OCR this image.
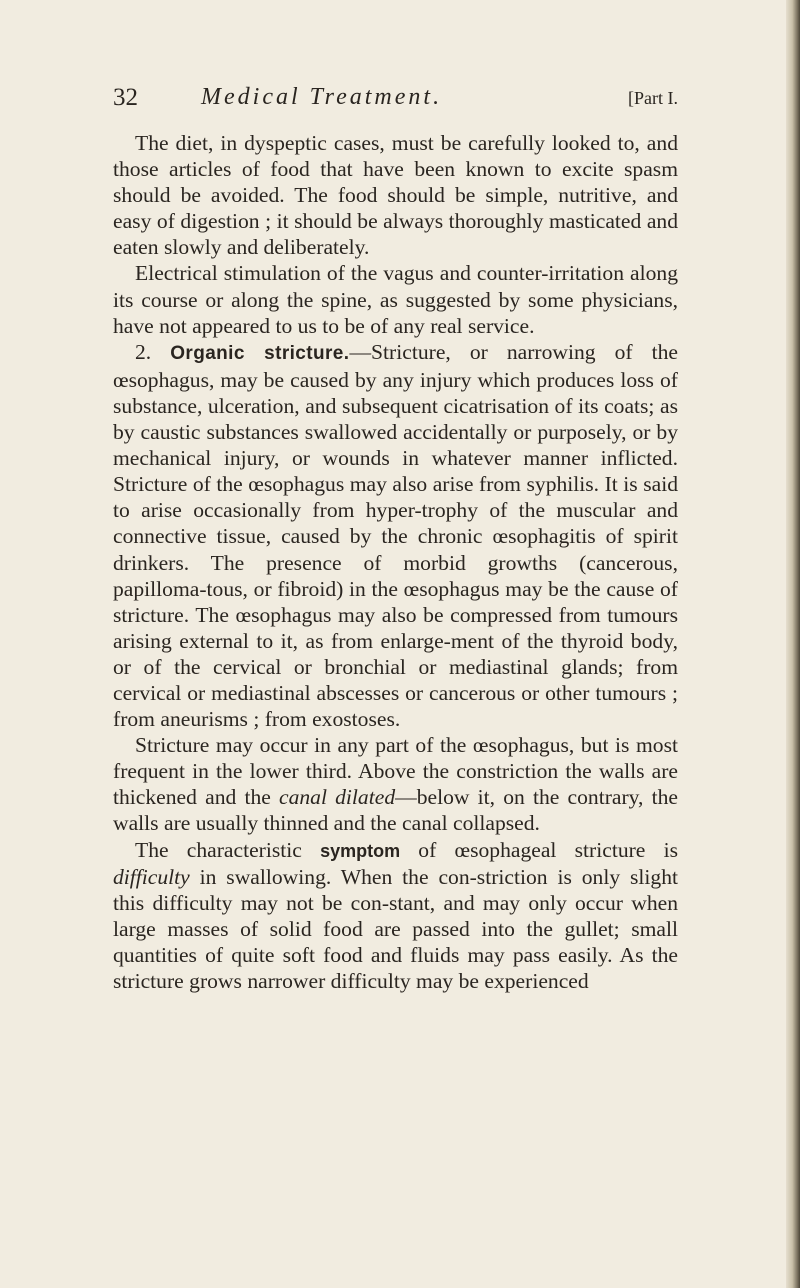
32	Medical Treatment.	[Part I.

The diet, in dyspeptic cases, must be carefully looked to, and those articles of food that have been known to excite spasm should be avoided. The food should be simple, nutritive, and easy of digestion ; it should be always thoroughly masticated and eaten slowly and deliberately.

Electrical stimulation of the vagus and counter-irritation along its course or along the spine, as suggested by some physicians, have not appeared to us to be of any real service.

2. Organic stricture.—Stricture, or narrowing of the œsophagus, may be caused by any injury which produces loss of substance, ulceration, and subsequent cicatrisation of its coats; as by caustic substances swallowed accidentally or purposely, or by mechanical injury, or wounds in whatever manner inflicted. Stricture of the œsophagus may also arise from syphilis. It is said to arise occasionally from hyper-trophy of the muscular and connective tissue, caused by the chronic œsophagitis of spirit drinkers. The presence of morbid growths (cancerous, papilloma-tous, or fibroid) in the œsophagus may be the cause of stricture. The œsophagus may also be compressed from tumours arising external to it, as from enlarge-ment of the thyroid body, or of the cervical or bronchial or mediastinal glands; from cervical or mediastinal abscesses or cancerous or other tumours ; from aneurisms ; from exostoses.

Stricture may occur in any part of the œsophagus, but is most frequent in the lower third. Above the constriction the walls are thickened and the canal dilated—below it, on the contrary, the walls are usually thinned and the canal collapsed.

The characteristic symptom of œsophageal stricture is difficulty in swallowing. When the con-striction is only slight this difficulty may not be con-stant, and may only occur when large masses of solid food are passed into the gullet; small quantities of quite soft food and fluids may pass easily. As the stricture grows narrower difficulty may be experienced
